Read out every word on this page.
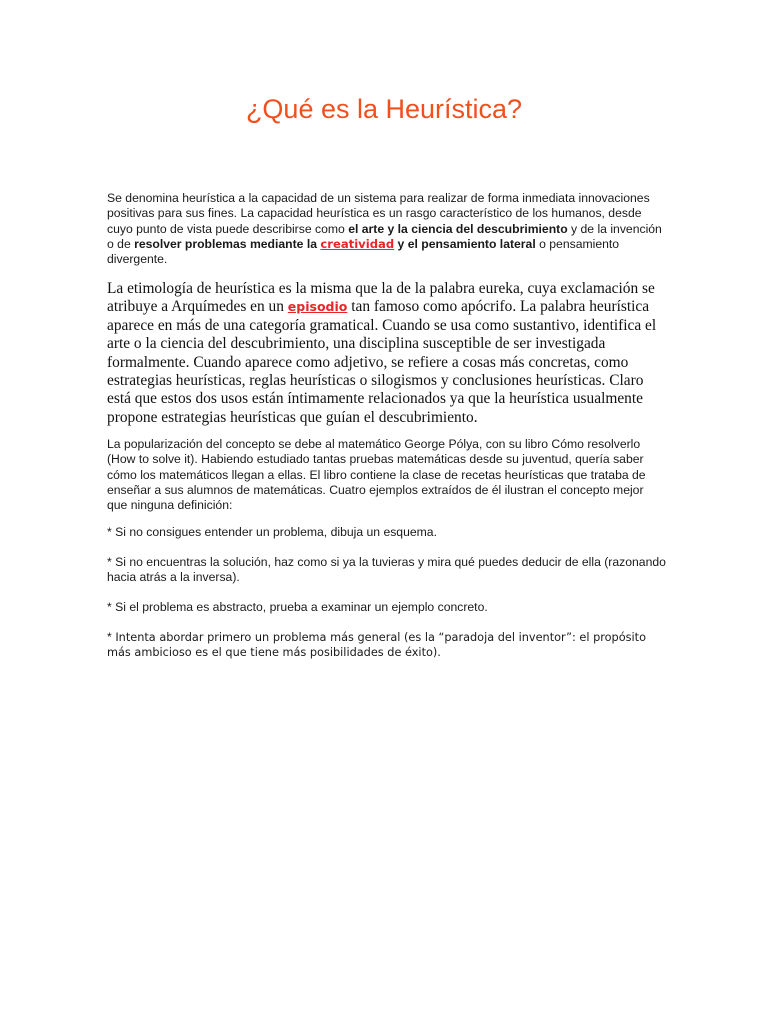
¿Qué es la Heurística?

Se denomina heurística a la capacidad de un sistema para realizar de forma inmediata innovaciones positivas para sus fines. La capacidad heurística es un rasgo característico de los humanos, desde cuyo punto de vista puede describirse como el arte y la ciencia del descubrimiento y de la invención o de resolver problemas mediante la creatividad y el pensamiento lateral o pensamiento divergente.

La etimología de heurística es la misma que la de la palabra eureka, cuya exclamación se atribuye a Arquímedes en un episodio tan famoso como apócrifo. La palabra heurística aparece en más de una categoría gramatical. Cuando se usa como sustantivo, identifica el arte o la ciencia del descubrimiento, una disciplina susceptible de ser investigada formalmente. Cuando aparece como adjetivo, se refiere a cosas más concretas, como estrategias heurísticas, reglas heurísticas o silogismos y conclusiones heurísticas. Claro está que estos dos usos están íntimamente relacionados ya que la heurística usualmente propone estrategias heurísticas que guían el descubrimiento.

La popularización del concepto se debe al matemático George Pólya, con su libro Cómo resolverlo (How to solve it). Habiendo estudiado tantas pruebas matemáticas desde su juventud, quería saber cómo los matemáticos llegan a ellas. El libro contiene la clase de recetas heurísticas que trataba de enseñar a sus alumnos de matemáticas. Cuatro ejemplos extraídos de él ilustran el concepto mejor que ninguna definición:

* Si no consigues entender un problema, dibuja un esquema.

* Si no encuentras la solución, haz como si ya la tuvieras y mira qué puedes deducir de ella (razonando hacia atrás a la inversa).

* Si el problema es abstracto, prueba a examinar un ejemplo concreto.

* Intenta abordar primero un problema más general (es la “paradoja del inventor”: el propósito más ambicioso es el que tiene más posibilidades de éxito).
